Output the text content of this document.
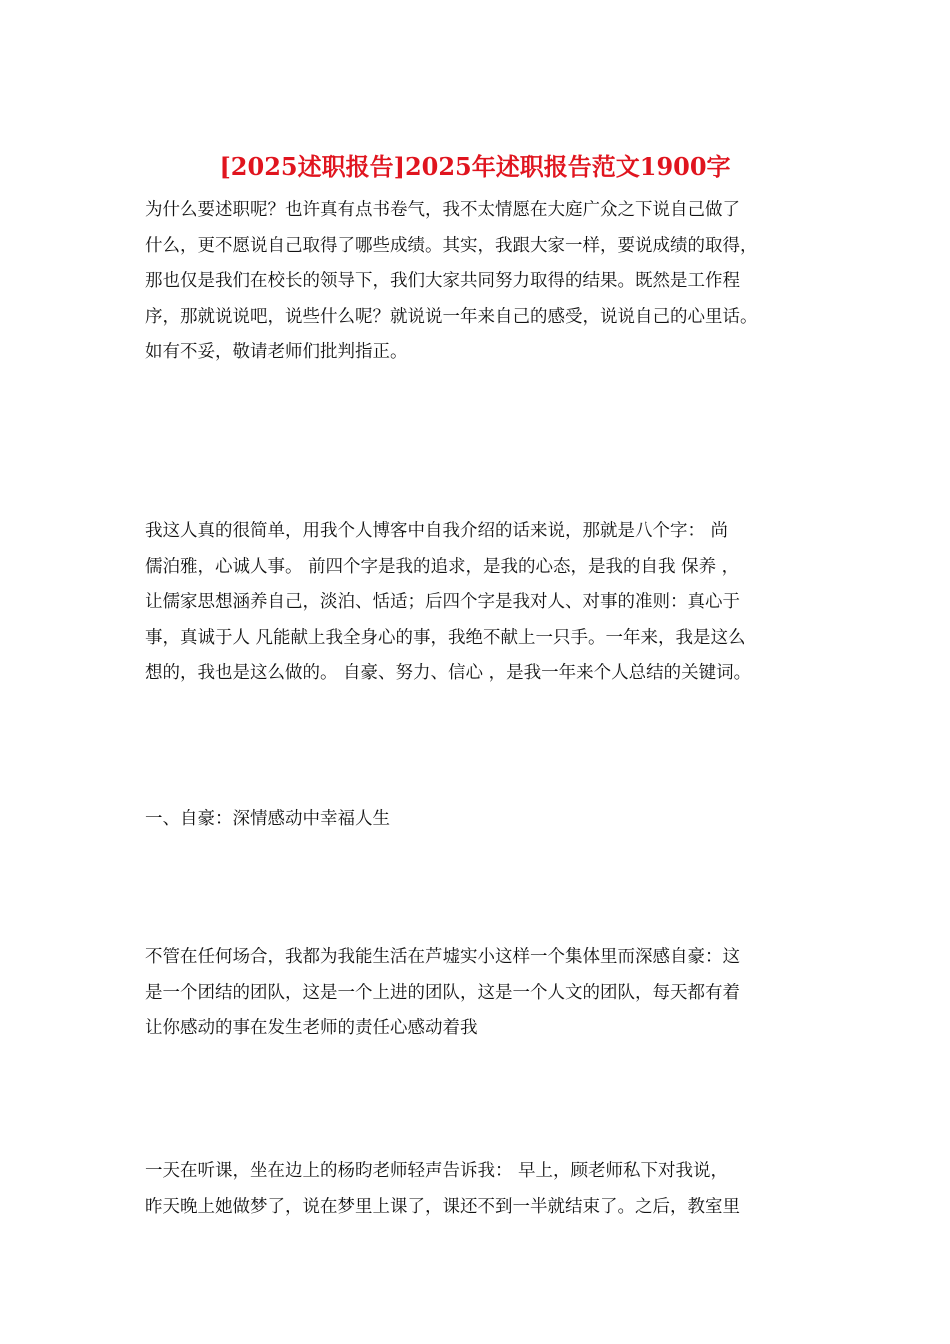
[2025述职报告]2025年述职报告范文1900字
为什么要述职呢？也许真有点书卷气，我不太情愿在大庭广众之下说自己做了
什么，更不愿说自己取得了哪些成绩。其实，我跟大家一样，要说成绩的取得，
那也仅是我们在校长的领导下，我们大家共同努力取得的结果。既然是工作程
序，那就说说吧，说些什么呢？就说说一年来自己的感受，说说自己的心里话。
如有不妥，敬请老师们批判指正。
我这人真的很简单，用我个人博客中自我介绍的话来说，那就是八个字： 尚
儒泊雅，心诚人事。 前四个字是我的追求，是我的心态，是我的自我 保养 ，
让儒家思想涵养自己，淡泊、恬适；后四个字是我对人、对事的准则：真心于
事，真诚于人 凡能献上我全身心的事，我绝不献上一只手。一年来，我是这么
想的，我也是这么做的。 自豪、努力、信心 ，是我一年来个人总结的关键词。
一、自豪：深情感动中幸福人生
不管在任何场合，我都为我能生活在芦墟实小这样一个集体里而深感自豪：这
是一个团结的团队，这是一个上进的团队，这是一个人文的团队，每天都有着
让你感动的事在发生老师的责任心感动着我
一天在听课，坐在边上的杨昀老师轻声告诉我： 早上，顾老师私下对我说，
昨天晚上她做梦了，说在梦里上课了，课还不到一半就结束了。之后，教室里
